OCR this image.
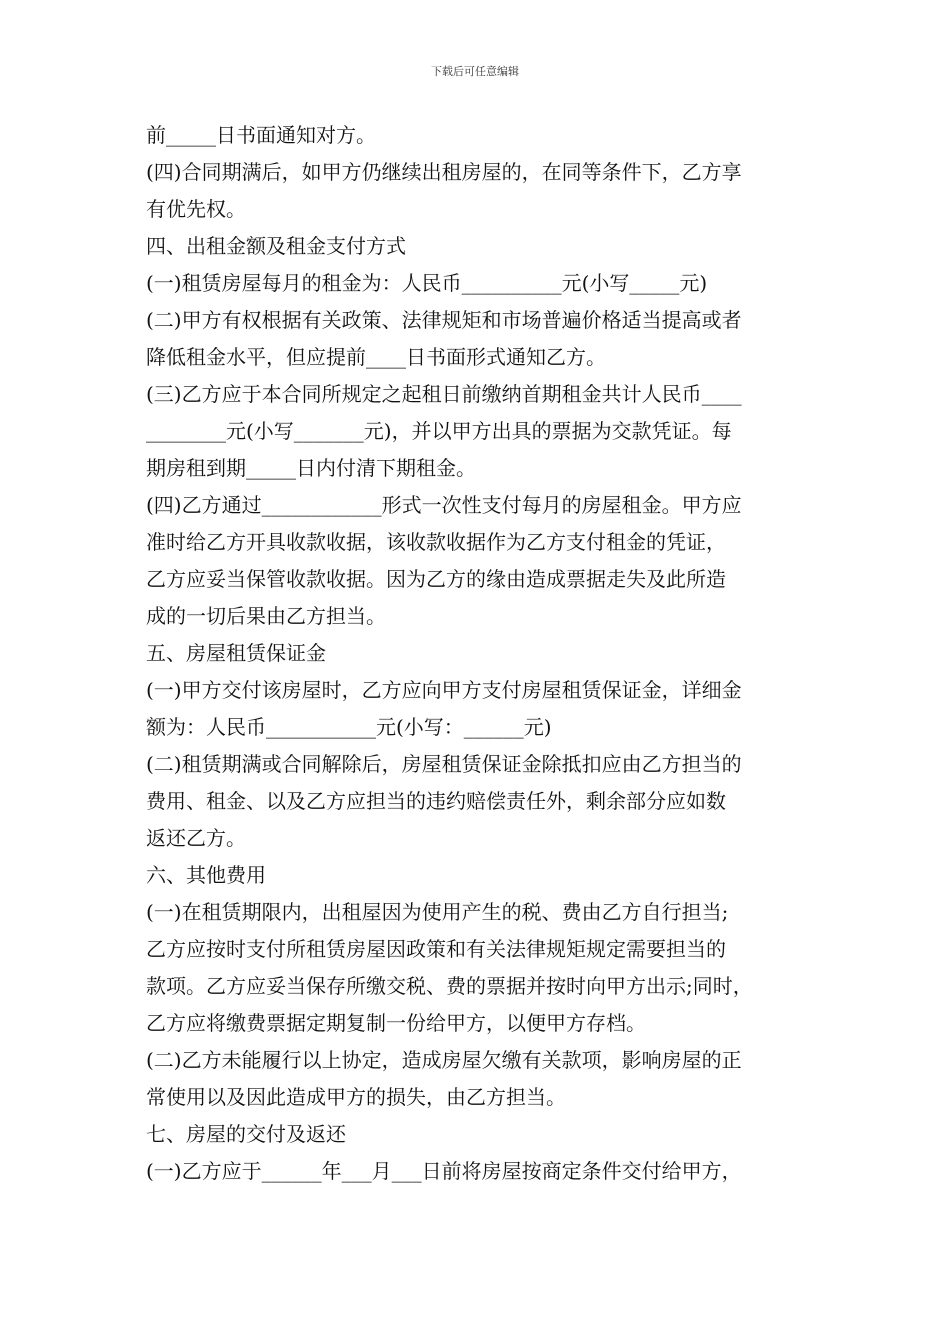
下载后可任意编辑
前_____日书面通知对方。
(四)合同期满后，如甲方仍继续出租房屋的，在同等条件下，乙方享
有优先权。
四、出租金额及租金支付方式
(一)租赁房屋每月的租金为：人民币__________元(小写_____元)
(二)甲方有权根据有关政策、法律规矩和市场普遍价格适当提高或者
降低租金水平，但应提前____日书面形式通知乙方。
(三)乙方应于本合同所规定之起租日前缴纳首期租金共计人民币____
________元(小写_______元)，并以甲方出具的票据为交款凭证。每
期房租到期_____日内付清下期租金。
(四)乙方通过____________形式一次性支付每月的房屋租金。甲方应
准时给乙方开具收款收据，该收款收据作为乙方支付租金的凭证，
乙方应妥当保管收款收据。因为乙方的缘由造成票据走失及此所造
成的一切后果由乙方担当。
五、房屋租赁保证金
(一)甲方交付该房屋时，乙方应向甲方支付房屋租赁保证金，详细金
额为：人民币___________元(小写：______元)
(二)租赁期满或合同解除后，房屋租赁保证金除抵扣应由乙方担当的
费用、租金、以及乙方应担当的违约赔偿责任外，剩余部分应如数
返还乙方。
六、其他费用
(一)在租赁期限内，出租屋因为使用产生的税、费由乙方自行担当;
乙方应按时支付所租赁房屋因政策和有关法律规矩规定需要担当的
款项。乙方应妥当保存所缴交税、费的票据并按时向甲方出示;同时，
乙方应将缴费票据定期复制一份给甲方，以便甲方存档。
(二)乙方未能履行以上协定，造成房屋欠缴有关款项，影响房屋的正
常使用以及因此造成甲方的损失，由乙方担当。
七、房屋的交付及返还
(一)乙方应于______年___月___日前将房屋按商定条件交付给甲方，
